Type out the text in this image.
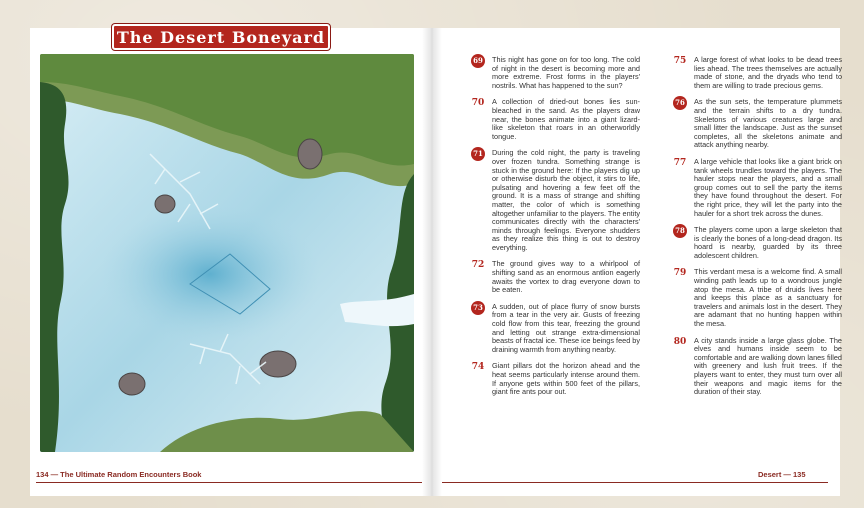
The Desert Boneyard
69 This night has gone on for too long. The cold of night in the desert is becoming more and more extreme. Frost forms in the players' nostrils. What has happened to the sun?
70 A collection of dried-out bones lies sun-bleached in the sand. As the players draw near, the bones animate into a giant lizard-like skeleton that roars in an otherworldly tongue.
71 During the cold night, the party is traveling over frozen tundra. Something strange is stuck in the ground here: If the players dig up or otherwise disturb the object, it stirs to life, pulsating and hovering a few feet off the ground. It is a mass of strange and shifting matter, the color of which is something altogether unfamiliar to the players. The entity communicates directly with the characters' minds through feelings. Everyone shudders as they realize this thing is out to destroy everything.
72 The ground gives way to a whirlpool of shifting sand as an enormous antlion eagerly awaits the vortex to drag everyone down to be eaten.
73 A sudden, out of place flurry of snow bursts from a tear in the very air. Gusts of freezing cold flow from this tear, freezing the ground and letting out strange extra-dimensional beasts of fractal ice. These ice beings feed by draining warmth from anything nearby.
74 Giant pillars dot the horizon ahead and the heat seems particularly intense around them. If anyone gets within 500 feet of the pillars, giant fire ants pour out.
75 A large forest of what looks to be dead trees lies ahead. The trees themselves are actually made of stone, and the dryads who tend to them are willing to trade precious gems.
76 As the sun sets, the temperature plummets and the terrain shifts to a dry tundra. Skeletons of various creatures large and small litter the landscape. Just as the sunset completes, all the skeletons animate and attack anything nearby.
77 A large vehicle that looks like a giant brick on tank wheels trundles toward the players. The hauler stops near the players, and a small group comes out to sell the party the items they have found throughout the desert. For the right price, they will let the party into the hauler for a short trek across the dunes.
78 The players come upon a large skeleton that is clearly the bones of a long-dead dragon. Its hoard is nearby, guarded by its three adolescent children.
79 This verdant mesa is a welcome find. A small winding path leads up to a wondrous jungle atop the mesa. A tribe of druids lives here and keeps this place as a sanctuary for travelers and animals lost in the desert. They are adamant that no hunting happen within the mesa.
80 A city stands inside a large glass globe. The elves and humans inside seem to be comfortable and are walking down lanes filled with greenery and lush fruit trees. If the players want to enter, they must turn over all their weapons and magic items for the duration of their stay.
134 — The Ultimate Random Encounters Book	Desert — 135
